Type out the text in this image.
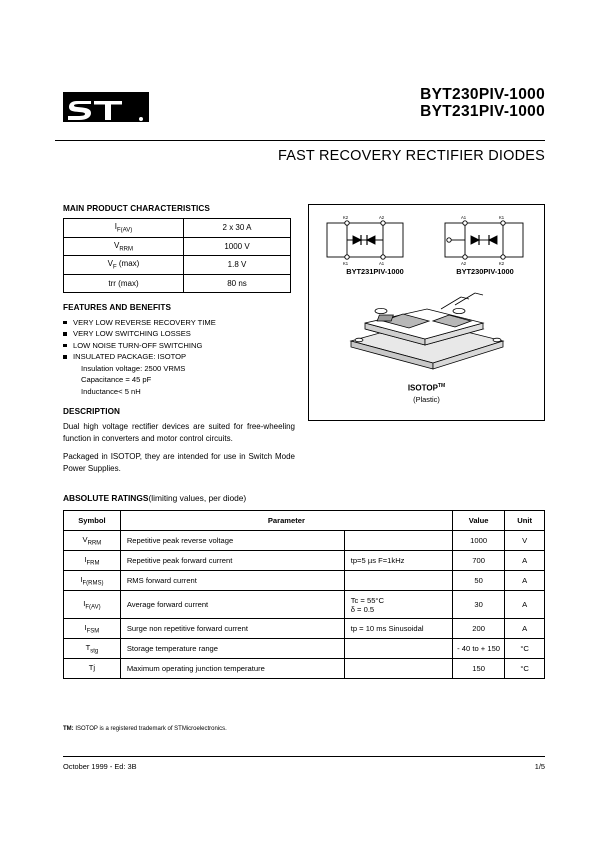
BYT230PIV-1000
BYT231PIV-1000
FAST RECOVERY RECTIFIER DIODES
MAIN PRODUCT CHARACTERISTICS
$I_{F(AV)}$	2 x 30 A
$V_{RRM}$	1000 V
$V_F$ (max)	1.8 V
trr (max)	80 ns
FEATURES AND BENEFITS
VERY LOW REVERSE RECOVERY TIME
VERY LOW SWITCHING LOSSES
LOW NOISE TURN-OFF SWITCHING
INSULATED PACKAGE: ISOTOP
Insulation voltage: 2500 VRMS
Capacitance = 45 pF
Inductance< 5 nH
DESCRIPTION

Dual high voltage rectifier devices are suited for free-wheeling function in converters and motor control circuits.

Packaged in ISOTOP, they are intended for use in Switch Mode Power Supplies.

K2	A2
K1	A1
A1	K1
A2	K2
BYT231PIV-1000	BYT230PIV-1000
ISOTOP™
(Plastic)
ABSOLUTE RATINGS(limiting values, per diode)
Symbol	Parameter		Value	Unit
$V_{RRM}$	Repetitive peak reverse voltage		1000	V
$I_{FRM}$	Repetitive peak forward current	tp=5 µs F=1kHz	700	A
$I_{F(RMS)}$	RMS forward current		50	A
$I_{F(AV)}$	Average forward current	Tc = 55°C
δ = 0.5	30	A
$I_{FSM}$	Surge non repetitive forward current	tp = 10 ms Sinusoidal	200	A
$T_{stg}$	Storage temperature range		- 40 to + 150	°C
Tj	Maximum operating junction temperature		150	°C
TM: ISOTOP is a registered trademark of STMicroelectronics.
October 1999 - Ed: 3B	1/5
